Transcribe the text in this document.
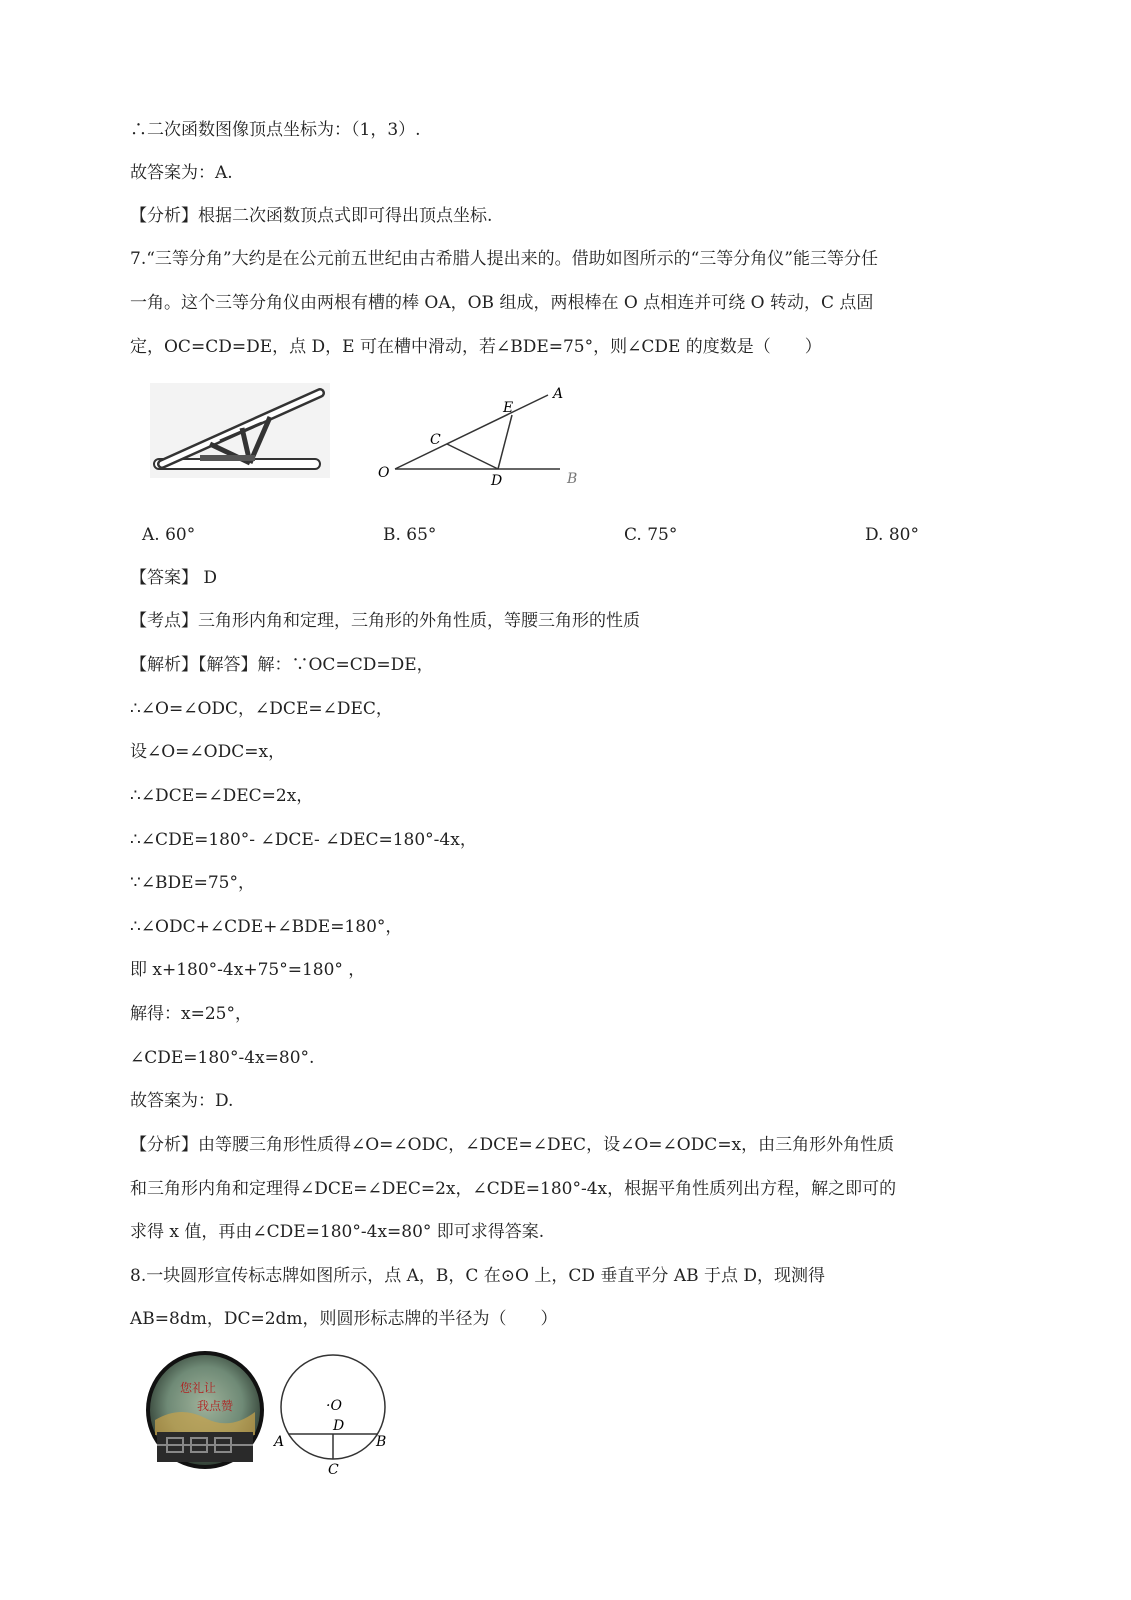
∴二次函数图像顶点坐标为：（1，3）.
故答案为：A.
【分析】根据二次函数顶点式即可得出顶点坐标.
7.“三等分角”大约是在公元前五世纪由古希腊人提出来的。借助如图所示的“三等分角仪”能三等分任
一角。这个三等分角仪由两根有槽的棒 OA，OB 组成，两根棒在 O 点相连并可绕 O 转动，C 点固
定，OC=CD=DE，点 D，E 可在槽中滑动，若∠BDE=75°，则∠CDE 的度数是（　　）
O
A
B
C
D
E
A. 60°	B. 65°	C. 75°	D. 80°
【答案】 D
【考点】三角形内角和定理，三角形的外角性质，等腰三角形的性质
【解析】【解答】解：∵OC=CD=DE，
∴∠O=∠ODC，∠DCE=∠DEC，
设∠O=∠ODC=x，
∴∠DCE=∠DEC=2x，
∴∠CDE=180°- ∠DCE- ∠DEC=180°-4x，
∵∠BDE=75°，
∴∠ODC+∠CDE+∠BDE=180°，
即 x+180°-4x+75°=180° ，
解得：x=25°，
∠CDE=180°-4x=80°.
故答案为：D.
【分析】由等腰三角形性质得∠O=∠ODC，∠DCE=∠DEC，设∠O=∠ODC=x，由三角形外角性质
和三角形内角和定理得∠DCE=∠DEC=2x，∠CDE=180°-4x，根据平角性质列出方程，解之即可的
求得 x 值，再由∠CDE=180°-4x=80° 即可求得答案.
8.一块圆形宣传标志牌如图所示，点 A，B，C 在⊙O 上，CD 垂直平分 AB 于点 D，现测得
AB=8dm，DC=2dm，则圆形标志牌的半径为（　　）
您礼让
我点赞	·O
A	B
C
D
